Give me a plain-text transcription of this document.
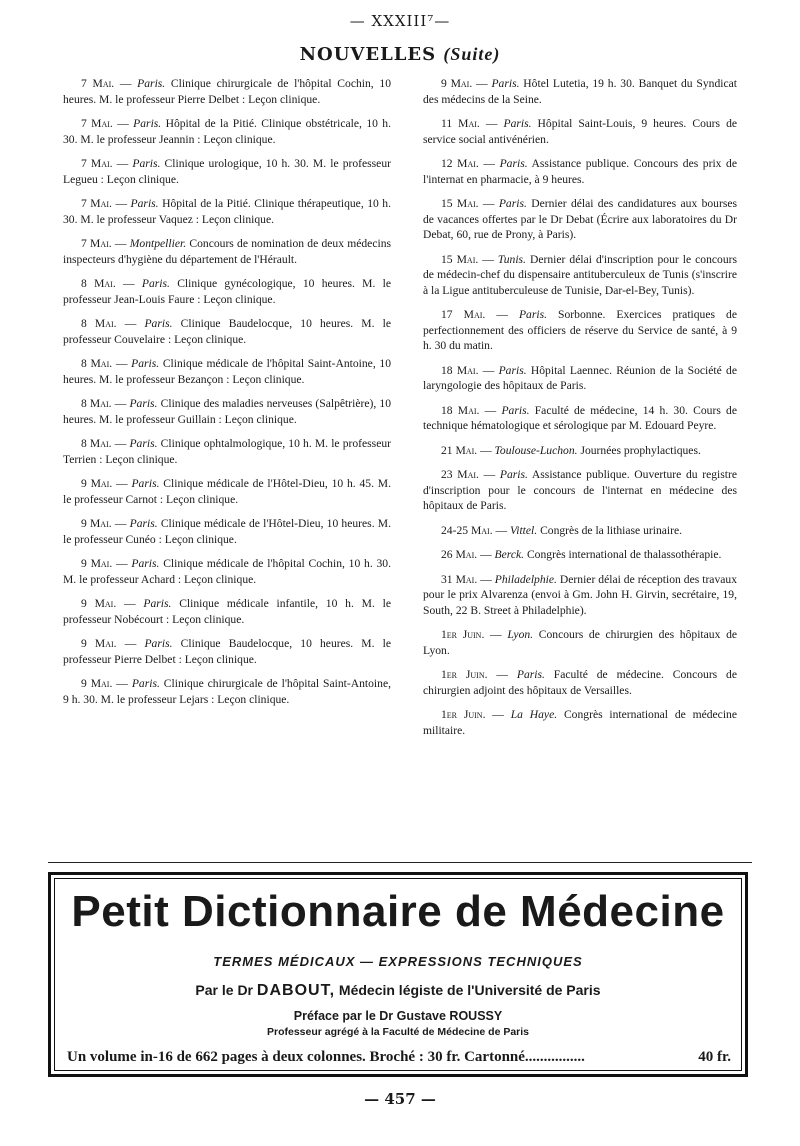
— XXXIII⁷—
NOUVELLES (Suite)

7 Mai. — Paris. Clinique chirurgicale de l'hôpital Cochin, 10 heures. M. le professeur Pierre Delbet : Leçon clinique.

7 Mai. — Paris. Hôpital de la Pitié. Clinique obstétricale, 10 h. 30. M. le professeur Jeannin : Leçon clinique.

7 Mai. — Paris. Clinique urologique, 10 h. 30. M. le professeur Legueu : Leçon clinique.

7 Mai. — Paris. Hôpital de la Pitié. Clinique thérapeutique, 10 h. 30. M. le professeur Vaquez : Leçon clinique.

7 Mai. — Montpellier. Concours de nomination de deux médecins inspecteurs d'hygiène du département de l'Hérault.

8 Mai. — Paris. Clinique gynécologique, 10 heures. M. le professeur Jean-Louis Faure : Leçon clinique.

8 Mai. — Paris. Clinique Baudelocque, 10 heures. M. le professeur Couvelaire : Leçon clinique.

8 Mai. — Paris. Clinique médicale de l'hôpital Saint-Antoine, 10 heures. M. le professeur Bezançon : Leçon clinique.

8 Mai. — Paris. Clinique des maladies nerveuses (Salpêtrière), 10 heures. M. le professeur Guillain : Leçon clinique.

8 Mai. — Paris. Clinique ophtalmologique, 10 h. M. le professeur Terrien : Leçon clinique.

9 Mai. — Paris. Clinique médicale de l'Hôtel-Dieu, 10 h. 45. M. le professeur Carnot : Leçon clinique.

9 Mai. — Paris. Clinique médicale de l'Hôtel-Dieu, 10 heures. M. le professeur Cunéo : Leçon clinique.

9 Mai. — Paris. Clinique médicale de l'hôpital Cochin, 10 h. 30. M. le professeur Achard : Leçon clinique.

9 Mai. — Paris. Clinique médicale infantile, 10 h. M. le professeur Nobécourt : Leçon clinique.

9 Mai. — Paris. Clinique Baudelocque, 10 heures. M. le professeur Pierre Delbet : Leçon clinique.

9 Mai. — Paris. Clinique chirurgicale de l'hôpital Saint-Antoine, 9 h. 30. M. le professeur Lejars : Leçon clinique.

9 Mai. — Paris. Hôtel Lutetia, 19 h. 30. Banquet du Syndicat des médecins de la Seine.

11 Mai. — Paris. Hôpital Saint-Louis, 9 heures. Cours de service social antivénérien.

12 Mai. — Paris. Assistance publique. Concours des prix de l'internat en pharmacie, à 9 heures.

15 Mai. — Paris. Dernier délai des candidatures aux bourses de vacances offertes par le Dr Debat (Écrire aux laboratoires du Dr Debat, 60, rue de Prony, à Paris).

15 Mai. — Tunis. Dernier délai d'inscription pour le concours de médecin-chef du dispensaire antituberculeux de Tunis (s'inscrire à la Ligue antituberculeuse de Tunisie, Dar-el-Bey, Tunis).

17 Mai. — Paris. Sorbonne. Exercices pratiques de perfectionnement des officiers de réserve du Service de santé, à 9 h. 30 du matin.

18 Mai. — Paris. Hôpital Laennec. Réunion de la Société de laryngologie des hôpitaux de Paris.

18 Mai. — Paris. Faculté de médecine, 14 h. 30. Cours de technique hématologique et sérologique par M. Edouard Peyre.

21 Mai. — Toulouse-Luchon. Journées prophylactiques.

23 Mai. — Paris. Assistance publique. Ouverture du registre d'inscription pour le concours de l'internat en médecine des hôpitaux de Paris.

24-25 Mai. — Vittel. Congrès de la lithiase urinaire.

26 Mai. — Berck. Congrès international de thalassothérapie.

31 Mai. — Philadelphie. Dernier délai de réception des travaux pour le prix Alvarenza (envoi à Gm. John H. Girvin, secrétaire, 19, South, 22 B. Street à Philadelphie).

1er Juin. — Lyon. Concours de chirurgien des hôpitaux de Lyon.

1er Juin. — Paris. Faculté de médecine. Concours de chirurgien adjoint des hôpitaux de Versailles.

1er Juin. — La Haye. Congrès international de médecine militaire.

Petit Dictionnaire de Médecine
TERMES MÉDICAUX — EXPRESSIONS TECHNIQUES
Par le Dr DABOUT, Médecin légiste de l'Université de Paris
Préface par le Dr Gustave ROUSSY
Professeur agrégé à la Faculté de Médecine de Paris
Un volume in-16 de 662 pages à deux colonnes. Broché : 30 fr. Cartonné................	40 fr.
— 457 —
